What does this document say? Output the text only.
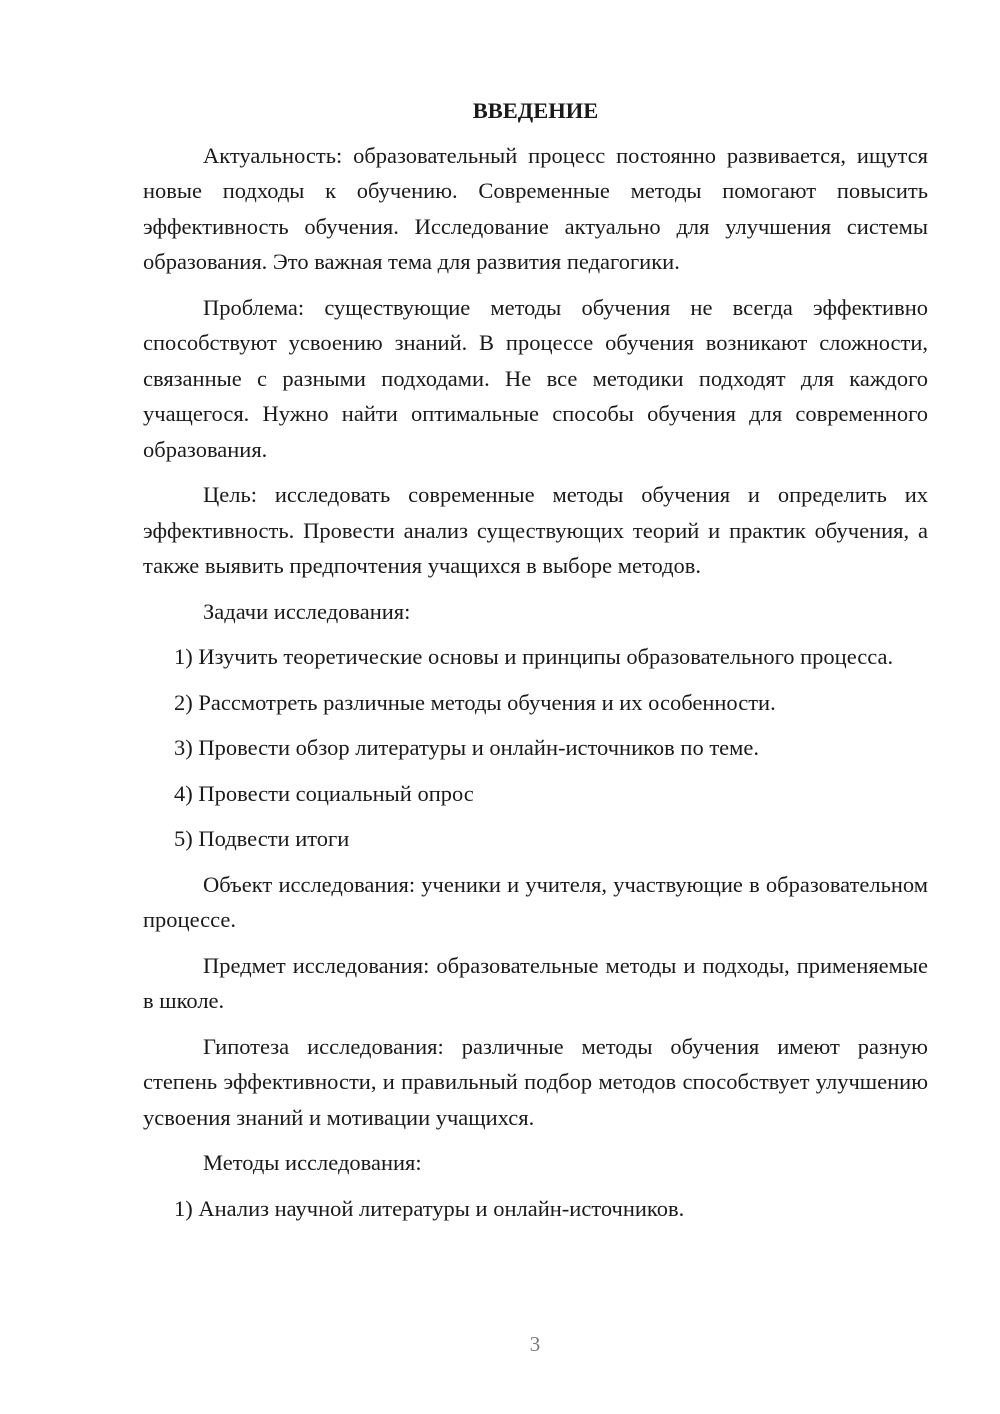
ВВЕДЕНИЕ

Актуальность: образовательный процесс постоянно развивается, ищутся новые подходы к обучению. Современные методы помогают повысить эффективность обучения. Исследование актуально для улучшения системы образования. Это важная тема для развития педагогики.

Проблема: существующие методы обучения не всегда эффективно способствуют усвоению знаний. В процессе обучения возникают сложности, связанные с разными подходами. Не все методики подходят для каждого учащегося. Нужно найти оптимальные способы обучения для современного образования.

Цель: исследовать современные методы обучения и определить их эффективность. Провести анализ существующих теорий и практик обучения, а также выявить предпочтения учащихся в выборе методов.

Задачи исследования:

1) Изучить теоретические основы и принципы образовательного процесса.

2) Рассмотреть различные методы обучения и их особенности.

3) Провести обзор литературы и онлайн-источников по теме.

4) Провести социальный опрос

5) Подвести итоги

Объект исследования: ученики и учителя, участвующие в образовательном процессе.

Предмет исследования: образовательные методы и подходы, применяемые в школе.

Гипотеза исследования: различные методы обучения имеют разную степень эффективности, и правильный подбор методов способствует улучшению усвоения знаний и мотивации учащихся.

Методы исследования:

1) Анализ научной литературы и онлайн-источников.

3
